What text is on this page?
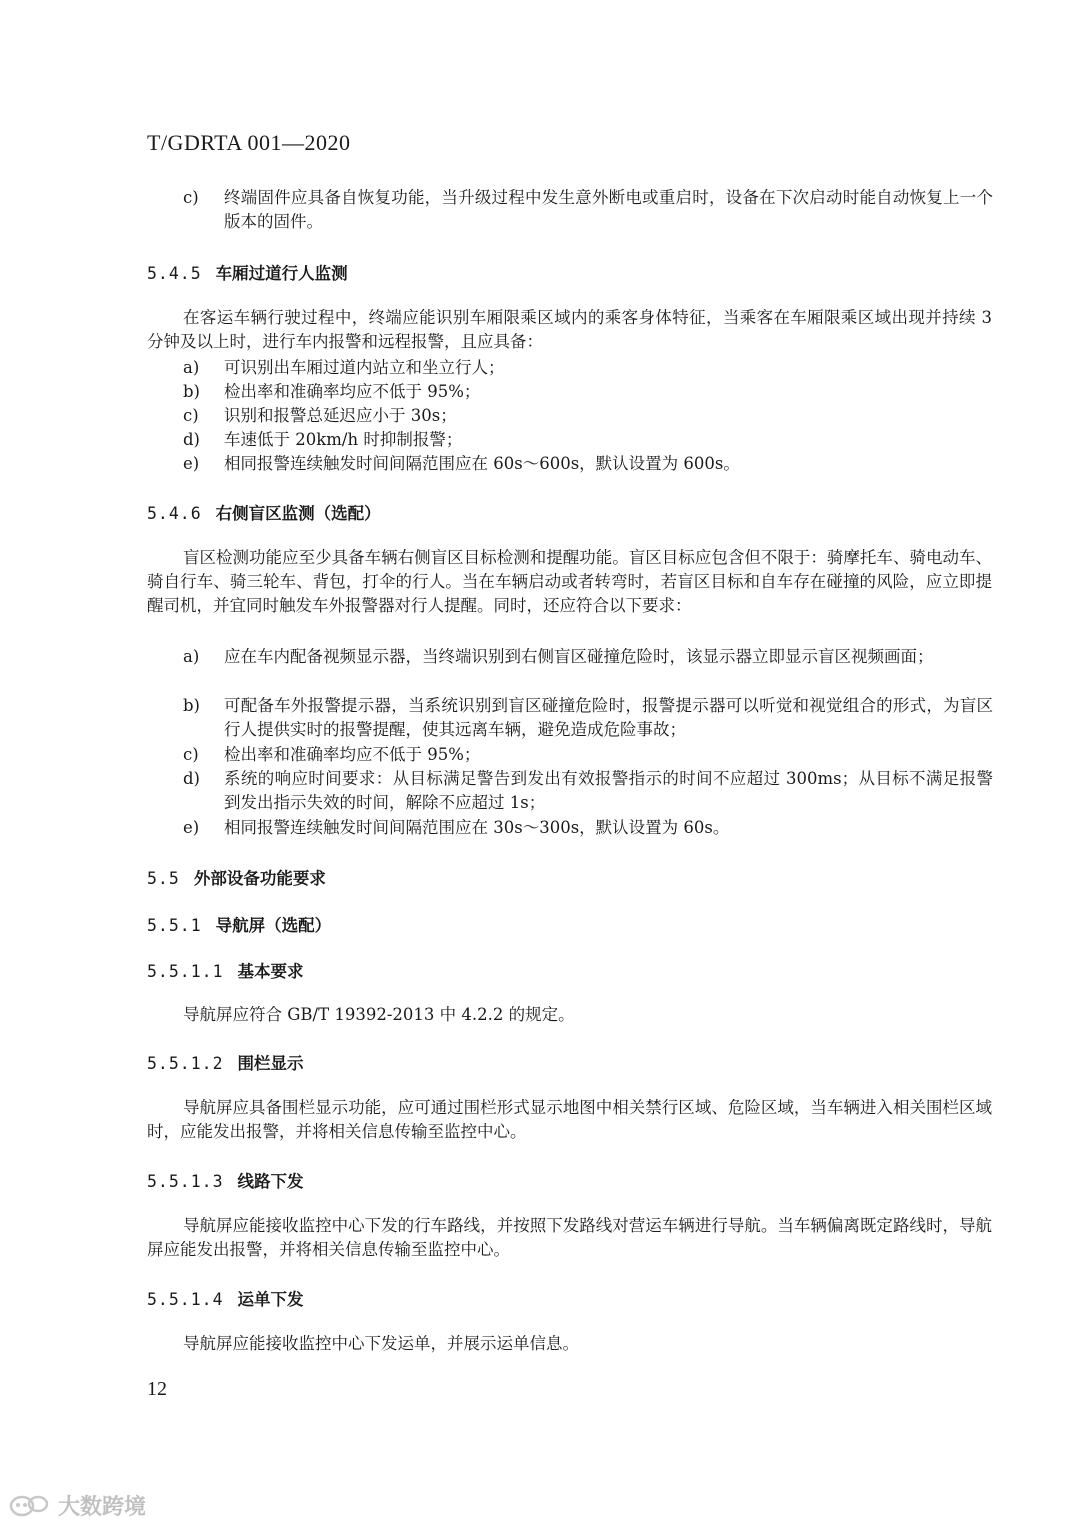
T/GDRTA 001—2020
c)	终端固件应具备自恢复功能，当升级过程中发生意外断电或重启时，设备在下次启动时能自动恢复上一个版本的固件。
5.4.5 车厢过道行人监测
在客运车辆行驶过程中，终端应能识别车厢限乘区域内的乘客身体特征，当乘客在车厢限乘区域出现并持续 3 分钟及以上时，进行车内报警和远程报警，且应具备：
a)	可识别出车厢过道内站立和坐立行人；
b)	检出率和准确率均应不低于 95%；
c)	识别和报警总延迟应小于 30s；
d)	车速低于 20km/h 时抑制报警；
e)	相同报警连续触发时间间隔范围应在 60s～600s，默认设置为 600s。
5.4.6 右侧盲区监测（选配）
盲区检测功能应至少具备车辆右侧盲区目标检测和提醒功能。盲区目标应包含但不限于：骑摩托车、骑电动车、骑自行车、骑三轮车、背包，打伞的行人。当在车辆启动或者转弯时，若盲区目标和自车存在碰撞的风险，应立即提醒司机，并宜同时触发车外报警器对行人提醒。同时，还应符合以下要求：
a)	应在车内配备视频显示器，当终端识别到右侧盲区碰撞危险时，该显示器立即显示盲区视频画面；
b)	可配备车外报警提示器，当系统识别到盲区碰撞危险时，报警提示器可以听觉和视觉组合的形式，为盲区行人提供实时的报警提醒，使其远离车辆，避免造成危险事故；
c)	检出率和准确率均应不低于 95%；
d)	系统的响应时间要求：从目标满足警告到发出有效报警指示的时间不应超过 300ms；从目标不满足报警到发出指示失效的时间，解除不应超过 1s；
e)	相同报警连续触发时间间隔范围应在 30s～300s，默认设置为 60s。
5.5 外部设备功能要求
5.5.1 导航屏（选配）
5.5.1.1 基本要求
导航屏应符合 GB/T 19392-2013 中 4.2.2 的规定。
5.5.1.2 围栏显示
导航屏应具备围栏显示功能，应可通过围栏形式显示地图中相关禁行区域、危险区域，当车辆进入相关围栏区域时，应能发出报警，并将相关信息传输至监控中心。
5.5.1.3 线路下发
导航屏应能接收监控中心下发的行车路线，并按照下发路线对营运车辆进行导航。当车辆偏离既定路线时，导航屏应能发出报警，并将相关信息传输至监控中心。
5.5.1.4 运单下发
导航屏应能接收监控中心下发运单，并展示运单信息。
12
大数跨境
